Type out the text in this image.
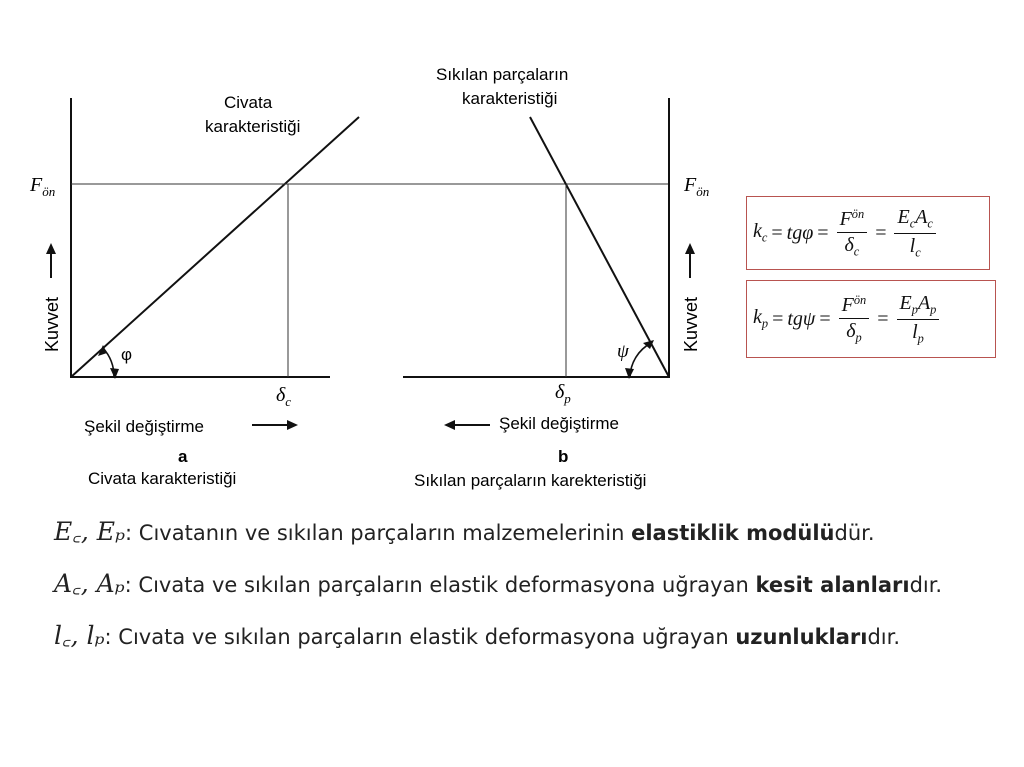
Civata
karakteristiği
$F_{ön}$
Kuvvet
φ
$\delta_c$
Şekil değiştirme
a
Civata karakteristiği
Sıkılan parçaların
karakteristiği
$F_{ön}$
Kuvvet
ψ
$\delta_p$
Şekil değiştirme
b
Sıkılan parçaların karekteristiği
$k_c = tg\varphi = \frac{F^{ön}}{\delta_c} = \frac{E_cA_c}{l_c}$
$k_p = tg\psi = \frac{F^{ön}}{\delta_p} = \frac{E_pA_p}{l_p}$
E꜀, Eₚ: Cıvatanın ve sıkılan parçaların malzemelerinin elastiklik modülüdür.
A꜀, Aₚ: Cıvata ve sıkılan parçaların elastik deformasyona uğrayan kesit alanlarıdır.
l꜀, lₚ: Cıvata ve sıkılan parçaların elastik deformasyona uğrayan uzunluklarıdır.
